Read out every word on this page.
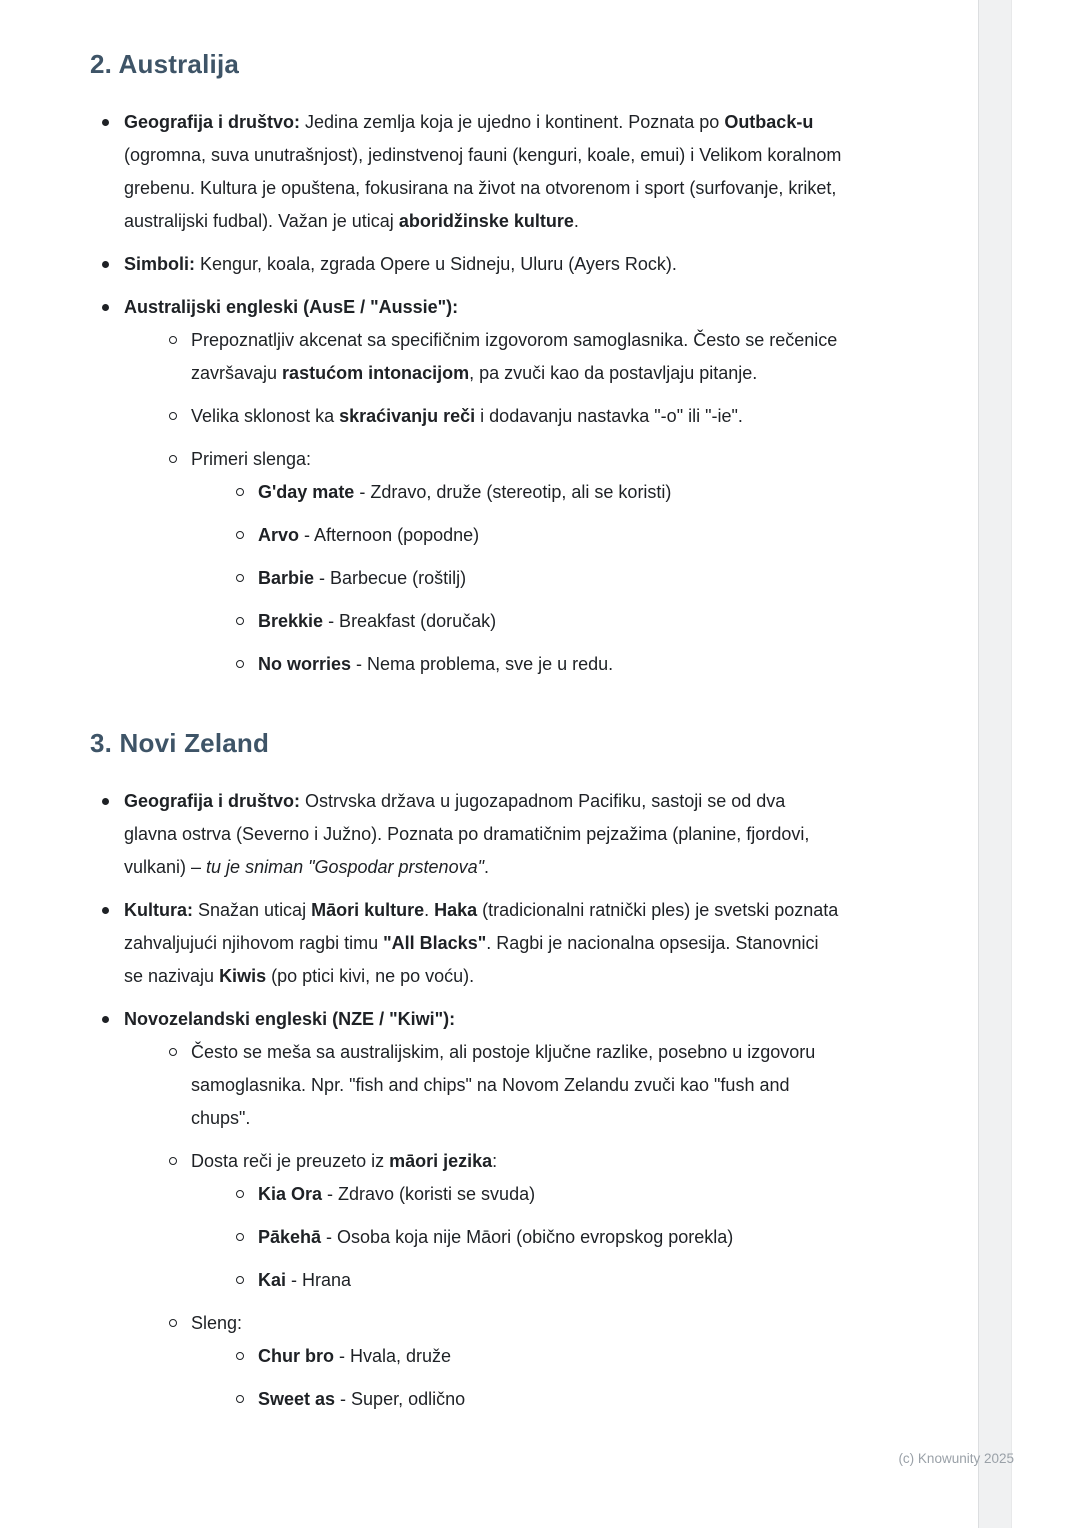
2. Australija
Geografija i društvo: Jedina zemlja koja je ujedno i kontinent. Poznata po Outback-u (ogromna, suva unutrašnjost), jedinstvenoj fauni (kenguri, koale, emui) i Velikom koralnom grebenu. Kultura je opuštena, fokusirana na život na otvorenom i sport (surfovanje, kriket, australijski fudbal). Važan je uticaj aboridžinske kulture.
Simboli: Kengur, koala, zgrada Opere u Sidneju, Uluru (Ayers Rock).
Australijski engleski (AusE / "Aussie"):
Prepoznatljiv akcenat sa specifičnim izgovorom samoglasnika. Često se rečenice završavaju rastućom intonacijom, pa zvuči kao da postavljaju pitanje.
Velika sklonost ka skraćivanju reči i dodavanju nastavka "-o" ili "-ie".
Primeri slenga:
G'day mate - Zdravo, druže (stereotip, ali se koristi)
Arvo - Afternoon (popodne)
Barbie - Barbecue (roštilj)
Brekkie - Breakfast (doručak)
No worries - Nema problema, sve je u redu.
3. Novi Zeland
Geografija i društvo: Ostrvska država u jugozapadnom Pacifiku, sastoji se od dva glavna ostrva (Severno i Južno). Poznata po dramatičnim pejzažima (planine, fjordovi, vulkani) – tu je sniman "Gospodar prstenova".
Kultura: Snažan uticaj Māori kulture. Haka (tradicionalni ratnički ples) je svetski poznata zahvaljujući njihovom ragbi timu "All Blacks". Ragbi je nacionalna opsesija. Stanovnici se nazivaju Kiwis (po ptici kivi, ne po voću).
Novozelandski engleski (NZE / "Kiwi"):
Često se meša sa australijskim, ali postoje ključne razlike, posebno u izgovoru samoglasnika. Npr. "fish and chips" na Novom Zelandu zvuči kao "fush and chups".
Dosta reči je preuzeto iz māori jezika:
Kia Ora - Zdravo (koristi se svuda)
Pākehā - Osoba koja nije Māori (obično evropskog porekla)
Kai - Hrana
Sleng:
Chur bro - Hvala, druže
Sweet as - Super, odlično
(c) Knowunity 2025
